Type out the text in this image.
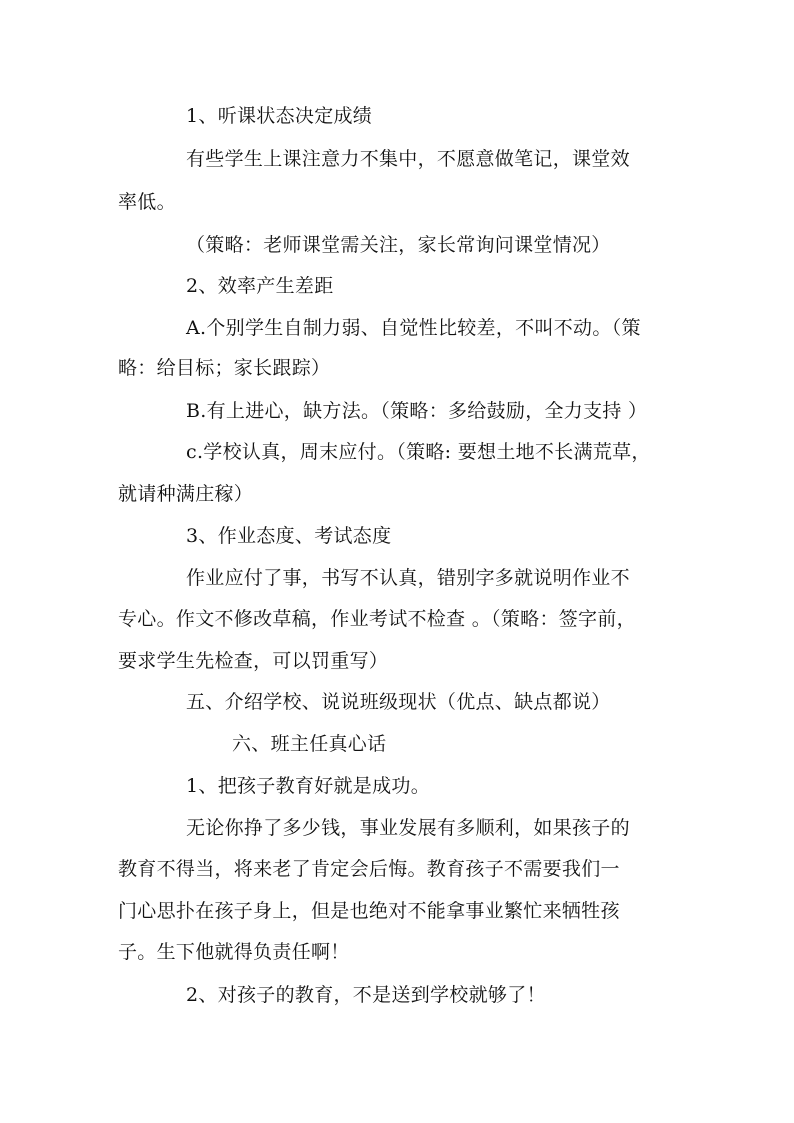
1、听课状态决定成绩
有些学生上课注意力不集中，不愿意做笔记，课堂效
率低。
（策略：老师课堂需关注，家长常询问课堂情况）
2、效率产生差距
A.个别学生自制力弱、自觉性比较差，不叫不动。（策
略：给目标；家长跟踪）
B.有上进心，缺方法。（策略：多给鼓励，全力支持 ）
c.学校认真，周末应付。（策略: 要想土地不长满荒草，
就请种满庄稼）
3、作业态度、考试态度
作业应付了事，书写不认真，错别字多就说明作业不
专心。作文不修改草稿，作业考试不检查 。（策略：签字前，
要求学生先检查，可以罚重写）
五、介绍学校、说说班级现状（优点、缺点都说）
六、班主任真心话
1、把孩子教育好就是成功。
无论你挣了多少钱，事业发展有多顺利，如果孩子的
教育不得当，将来老了肯定会后悔。教育孩子不需要我们一
门心思扑在孩子身上，但是也绝对不能拿事业繁忙来牺牲孩
子。生下他就得负责任啊！
2、对孩子的教育，不是送到学校就够了！
